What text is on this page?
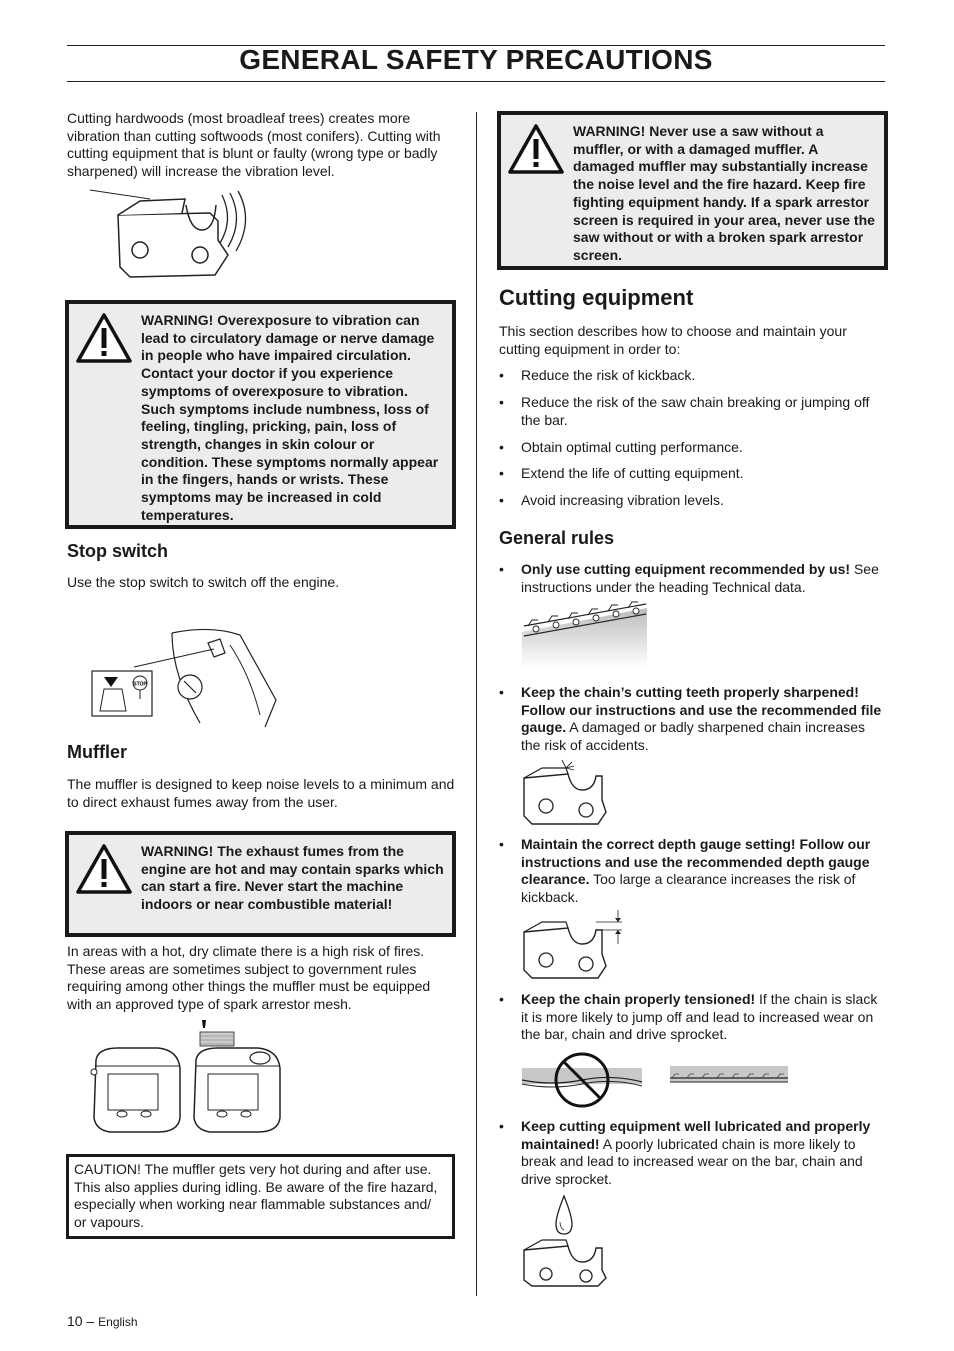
GENERAL SAFETY PRECAUTIONS

Cutting hardwoods (most broadleaf trees) creates more vibration than cutting softwoods (most conifers). Cutting with cutting equipment that is blunt or faulty (wrong type or badly sharpened) will increase the vibration level.

WARNING! Overexposure to vibration can lead to circulatory damage or nerve damage in people who have impaired circulation. Contact your doctor if you experience symptoms of overexposure to vibration. Such symptoms include numbness, loss of feeling, tingling, pricking, pain, loss of strength, changes in skin colour or condition. These symptoms normally appear in the fingers, hands or wrists. These symptoms may be increased in cold temperatures.
Stop switch

Use the stop switch to switch off the engine.

STOP
Muffler

The muffler is designed to keep noise levels to a minimum and to direct exhaust fumes away from the user.

WARNING! The exhaust fumes from the engine are hot and may contain sparks which can start a fire. Never start the machine indoors or near combustible material!

In areas with a hot, dry climate there is a high risk of fires. These areas are sometimes subject to government rules requiring among other things the muffler must be equipped with an approved type of spark arrestor mesh.

CAUTION! The muffler gets very hot during and after use. This also applies during idling. Be aware of the fire hazard, especially when working near flammable substances and/ or vapours.
10 – English
WARNING! Never use a saw without a muffler, or with a damaged muffler. A damaged muffler may substantially increase the noise level and the fire hazard. Keep fire fighting equipment handy. If a spark arrestor screen is required in your area, never use the saw without or with a broken spark arrestor screen.
Cutting equipment

This section describes how to choose and maintain your cutting equipment in order to:

• Reduce the risk of kickback.
• Reduce the risk of the saw chain breaking or jumping off the bar.
• Obtain optimal cutting performance.
• Extend the life of cutting equipment.
• Avoid increasing vibration levels.
General rules
• Only use cutting equipment recommended by us! See instructions under the heading Technical data.
• Keep the chain’s cutting teeth properly sharpened! Follow our instructions and use the recommended file gauge. A damaged or badly sharpened chain increases the risk of accidents.
• Maintain the correct depth gauge setting! Follow our instructions and use the recommended depth gauge clearance. Too large a clearance increases the risk of kickback.
• Keep the chain properly tensioned! If the chain is slack it is more likely to jump off and lead to increased wear on the bar, chain and drive sprocket.
• Keep cutting equipment well lubricated and properly maintained! A poorly lubricated chain is more likely to break and lead to increased wear on the bar, chain and drive sprocket.
